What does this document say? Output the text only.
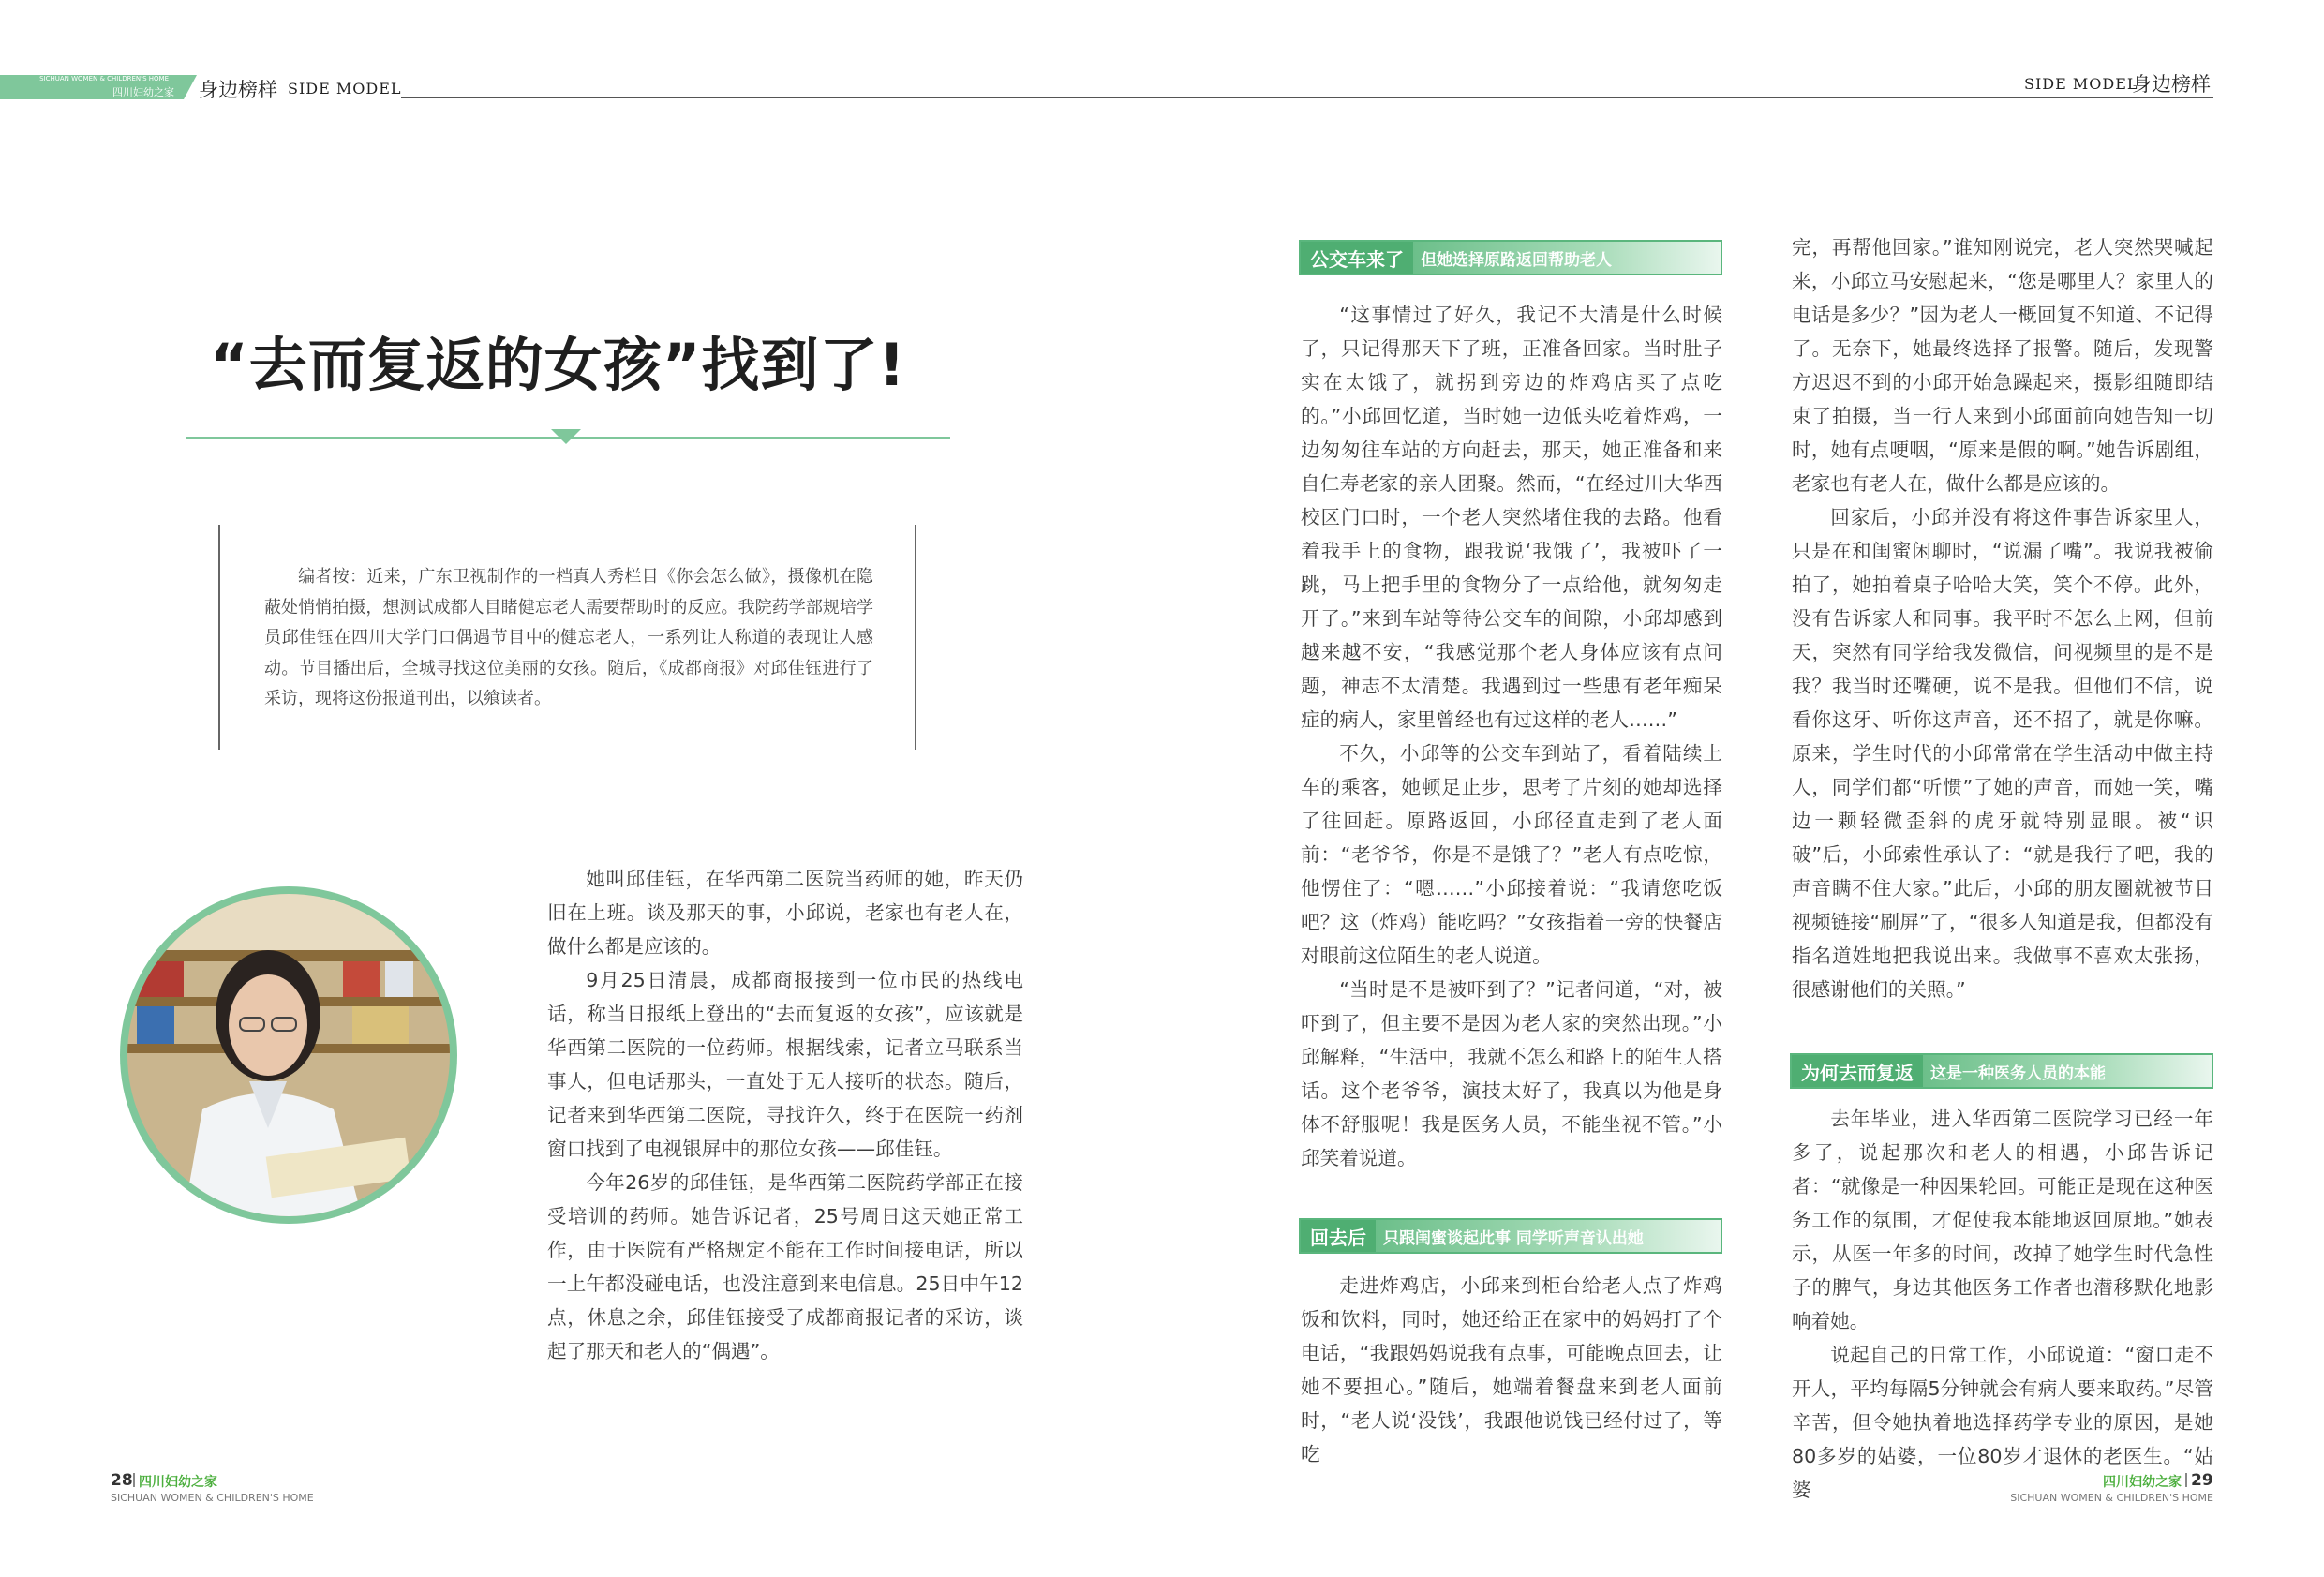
SICHUAN WOMEN & CHILDREN'S HOME
四川妇幼之家 身边榜样 SIDE MODEL	SIDE MODEL
身边榜样
“去而复返的女孩”找到了!
编者按：近来，广东卫视制作的一档真人秀栏目《你会怎么做》，摄像机在隐蔽处悄悄拍摄，想测试成都人目睹健忘老人需要帮助时的反应。我院药学部规培学员邱佳钰在四川大学门口偶遇节目中的健忘老人，一系列让人称道的表现让人感动。节目播出后，全城寻找这位美丽的女孩。随后，《成都商报》对邱佳钰进行了采访，现将这份报道刊出，以飨读者。

她叫邱佳钰，在华西第二医院当药师的她，昨天仍旧在上班。谈及那天的事，小邱说，老家也有老人在，做什么都是应该的。

9月25日清晨，成都商报接到一位市民的热线电话，称当日报纸上登出的“去而复返的女孩”，应该就是华西第二医院的一位药师。根据线索，记者立马联系当事人，但电话那头，一直处于无人接听的状态。随后，记者来到华西第二医院，寻找许久，终于在医院一药剂窗口找到了电视银屏中的那位女孩——邱佳钰。

今年26岁的邱佳钰，是华西第二医院药学部正在接受培训的药师。她告诉记者，25号周日这天她正常工作，由于医院有严格规定不能在工作时间接电话，所以一上午都没碰电话，也没注意到来电信息。25日中午12点，休息之余，邱佳钰接受了成都商报记者的采访，谈起了那天和老人的“偶遇”。

公交车来了	但她选择原路返回帮助老人

“这事情过了好久，我记不大清是什么时候了，只记得那天下了班，正准备回家。当时肚子实在太饿了，就拐到旁边的炸鸡店买了点吃的。”小邱回忆道，当时她一边低头吃着炸鸡，一边匆匆往车站的方向赶去，那天，她正准备和来自仁寿老家的亲人团聚。然而，“在经过川大华西校区门口时，一个老人突然堵住我的去路。他看着我手上的食物，跟我说‘我饿了’，我被吓了一跳，马上把手里的食物分了一点给他，就匆匆走开了。”来到车站等待公交车的间隙，小邱却感到越来越不安，“我感觉那个老人身体应该有点问题，神志不太清楚。我遇到过一些患有老年痴呆症的病人，家里曾经也有过这样的老人……”

不久，小邱等的公交车到站了，看着陆续上车的乘客，她顿足止步，思考了片刻的她却选择了往回赶。原路返回，小邱径直走到了老人面前：“老爷爷，你是不是饿了？”老人有点吃惊，他愣住了：“嗯……”小邱接着说：“我请您吃饭吧？这（炸鸡）能吃吗？”女孩指着一旁的快餐店对眼前这位陌生的老人说道。

“当时是不是被吓到了？”记者问道，“对，被吓到了，但主要不是因为老人家的突然出现。”小邱解释，“生活中，我就不怎么和路上的陌生人搭话。这个老爷爷，演技太好了，我真以为他是身体不舒服呢！我是医务人员，不能坐视不管。”小邱笑着说道。

回去后	只跟闺蜜谈起此事 同学听声音认出她

走进炸鸡店，小邱来到柜台给老人点了炸鸡饭和饮料，同时，她还给正在家中的妈妈打了个电话，“我跟妈妈说我有点事，可能晚点回去，让她不要担心。”随后，她端着餐盘来到老人面前时，“老人说‘没钱’，我跟他说钱已经付过了，等吃

完，再帮他回家。”谁知刚说完，老人突然哭喊起来，小邱立马安慰起来，“您是哪里人？家里人的电话是多少？”因为老人一概回复不知道、不记得了。无奈下，她最终选择了报警。随后，发现警方迟迟不到的小邱开始急躁起来，摄影组随即结束了拍摄，当一行人来到小邱面前向她告知一切时，她有点哽咽，“原来是假的啊。”她告诉剧组，老家也有老人在，做什么都是应该的。

回家后，小邱并没有将这件事告诉家里人，只是在和闺蜜闲聊时，“说漏了嘴”。我说我被偷拍了，她拍着桌子哈哈大笑，笑个不停。此外，没有告诉家人和同事。我平时不怎么上网，但前天，突然有同学给我发微信，问视频里的是不是我？我当时还嘴硬，说不是我。但他们不信，说看你这牙、听你这声音，还不招了，就是你嘛。原来，学生时代的小邱常常在学生活动中做主持人，同学们都“听惯”了她的声音，而她一笑，嘴边一颗轻微歪斜的虎牙就特别显眼。被“识破”后，小邱索性承认了：“就是我行了吧，我的声音瞒不住大家。”此后，小邱的朋友圈就被节目视频链接“刷屏”了，“很多人知道是我，但都没有指名道姓地把我说出来。我做事不喜欢太张扬，很感谢他们的关照。”

为何去而复返	这是一种医务人员的本能

去年毕业，进入华西第二医院学习已经一年多了，说起那次和老人的相遇，小邱告诉记者：“就像是一种因果轮回。可能正是现在这种医务工作的氛围，才促使我本能地返回原地。”她表示，从医一年多的时间，改掉了她学生时代急性子的脾气，身边其他医务工作者也潜移默化地影响着她。

说起自己的日常工作，小邱说道：“窗口走不开人，平均每隔5分钟就会有病人要来取药。”尽管辛苦，但令她执着地选择药学专业的原因，是她80多岁的姑婆，一位80岁才退休的老医生。“姑婆

28 四川妇幼之家
SICHUAN WOMEN & CHILDREN'S HOME
四川妇幼之家 29
SICHUAN WOMEN & CHILDREN'S HOME
